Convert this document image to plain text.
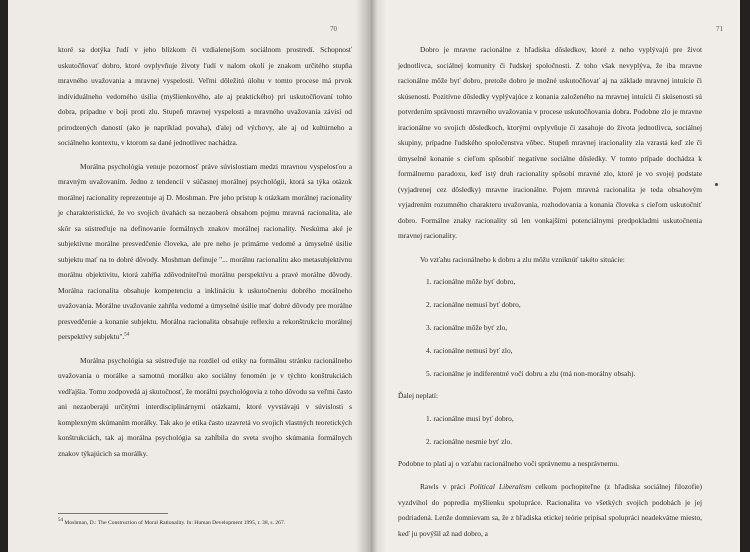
70

ktoré sa dotýka ľudí v jeho blízkom či vzdialenejšom sociálnom prostredí. Schopnosť uskutočňovať dobro, ktoré ovplyvňuje životy ľudí v nalom okolí je znakom určitého stupňa mravného uvažovania a mravnej vyspelosti. Veľmi dôležitú úlohu v tomto procese má prvok individuálneho vedomého úsilia (myšlienkového, ale aj praktického) pri uskutočňovaní tohto dobra, prípadne v boji proti zlu. Stupeň mravnej vyspelosti a mravného uvažovania závisí od prirodzených daností (ako je napríklad povaha), ďalej od výchovy, ale aj od kultúrneho a sociálneho kontextu, v ktorom sa dané jednotlivec nachádza.

Morálna psychológia venuje pozornosť práve súvislostiam medzi mravnou vyspelosťou a mravným uvažovaním. Jedno z tendencií v súčasnej morálnej psychológii, ktorá sa týka otázok morálnej racionality reprezentuje aj D. Moshman. Pre jeho prístup k otázkam morálnej racionality je charakteristické, že vo svojich úvahách sa nezaoberá obsahom pojmu mravná racionalita, ale skôr sa sústreďuje na definovanie formálnych znakov morálnej racionality. Neskúma aké je subjektívne morálne presvedčenie človeka, ale pre neho je primárne vedomé a úmyselné úsilie subjektu mať na to dobré dôvody. Moshman definuje "... morálnu racionalitu ako metasubjektívnu morálnu objektivitu, ktorá zahŕňa zdôvodniteľnú morálnu perspektívu a pravé morálne dôvody. Morálna racionalita obsahuje kompetenciu a inklináciu k uskutočneniu dobrého morálneho uvažovania. Morálne uvažovanie zahŕňa vedomé a úmyselné úsilie mať dobré dôvody pre morálne presvedčenie a konanie subjektu. Morálna racionalita obsahuje reflexiu a rekonštrukciu morálnej perspektívy subjektu".$^{54}$

Morálna psychológia sa sústreďuje na rozdiel od etiky na formálnu stránku racionálneho uvažovania o morálke a samotnú morálku ako sociálny fenomén je v týchto konštrukciách vedľajšia. Tomu zodpovedá aj skutočnosť, že morálni psychológovia z toho dôvodu sa veľmi často ani nezaoberajú určitými interdisciplinárnymi otázkami, ktoré vyvstávajú v súvislosti s komplexným skúmaním morálky. Tak ako je etika často uzavretá vo svojich vlastných teoretických konštrukciách, tak aj morálna psychológia sa zahĺbila do sveta svojho skúmania formálnych znakov týkajúcich sa morálky.

54 Moshman, D.: The Construction of Moral Rationality. In: Human Development 1995, r. 38, s. 267.
71

Dobro je mravne racionálne z hľadiska dôsledkov, ktoré z neho vyplývajú pre život jednotlivca, sociálnej komunity či ľudskej spoločnosti. Z toho však nevyplýva, že iba mravne racionálne môže byť dobro, pretože dobro je možné uskutočňovať aj na základe mravnej intuície či skúsenosti. Pozitívne dôsledky vyplývajúce z konania založeného na mravnej intuícii či skúsenosti sú potvrdením správnosti mravného uvažovania v procese uskutočňovania dobra. Podobne zlo je mravne iracionálne vo svojich dôsledkoch, ktorými ovplyvňuje či zasahuje do života jednotlivca, sociálnej skupiny, prípadne ľudského spoločenstva vôbec. Stupeň mravnej iracionality zla vzrastá keď zle či úmyselné konanie s cieľom spôsobiť negatívne sociálne dôsledky. V tomto prípade dochádza k formálnemu paradoxu, keď istý druh racionality spôsobí mravné zlo, ktoré je vo svojej podstate (vyjadrenej cez dôsledky) mravne iracionálne. Pojem mravná racionalita je teda obsahovým vyjadrením rozumného charakteru uvažovania, rozhodovania a konania človeka s cieľom uskutočniť dobro. Formálne znaky racionality sú len vonkajšími potenciálnymi predpokladmi uskutočnenia mravnej racionality.

Vo vzťahu racionálneho k dobru a zlu môžu vzniknúť takéto situácie:

1. racionálne môže byť dobro,
2. racionálne nemusí byť dobro,
3. racionálne môže byť zlo,
4. racionálne nemusí byť zlo,
5. racionálne je indiferentné voči dobru a zlu (má non-morálny obsah).

Ďalej neplatí:

1. racionálne musí byť dobro,
2. racionálne nesmie byť zlo.

Podobne to platí aj o vzťahu racionálneho voči správnemu a nesprávnemu.

Rawls v práci Political Liberalism celkom pochopiteľne (z hľadiska sociálnej filozofie) vyzdvihol do popredia myšlienku spolupráce. Racionalita vo všetkých svojich podobách je jej podriadená. Lenže domnievam sa, že z hľadiska etickej teórie pripísal spolupráci neadekvátne miesto, keď ju povýšil až nad dobro, a
